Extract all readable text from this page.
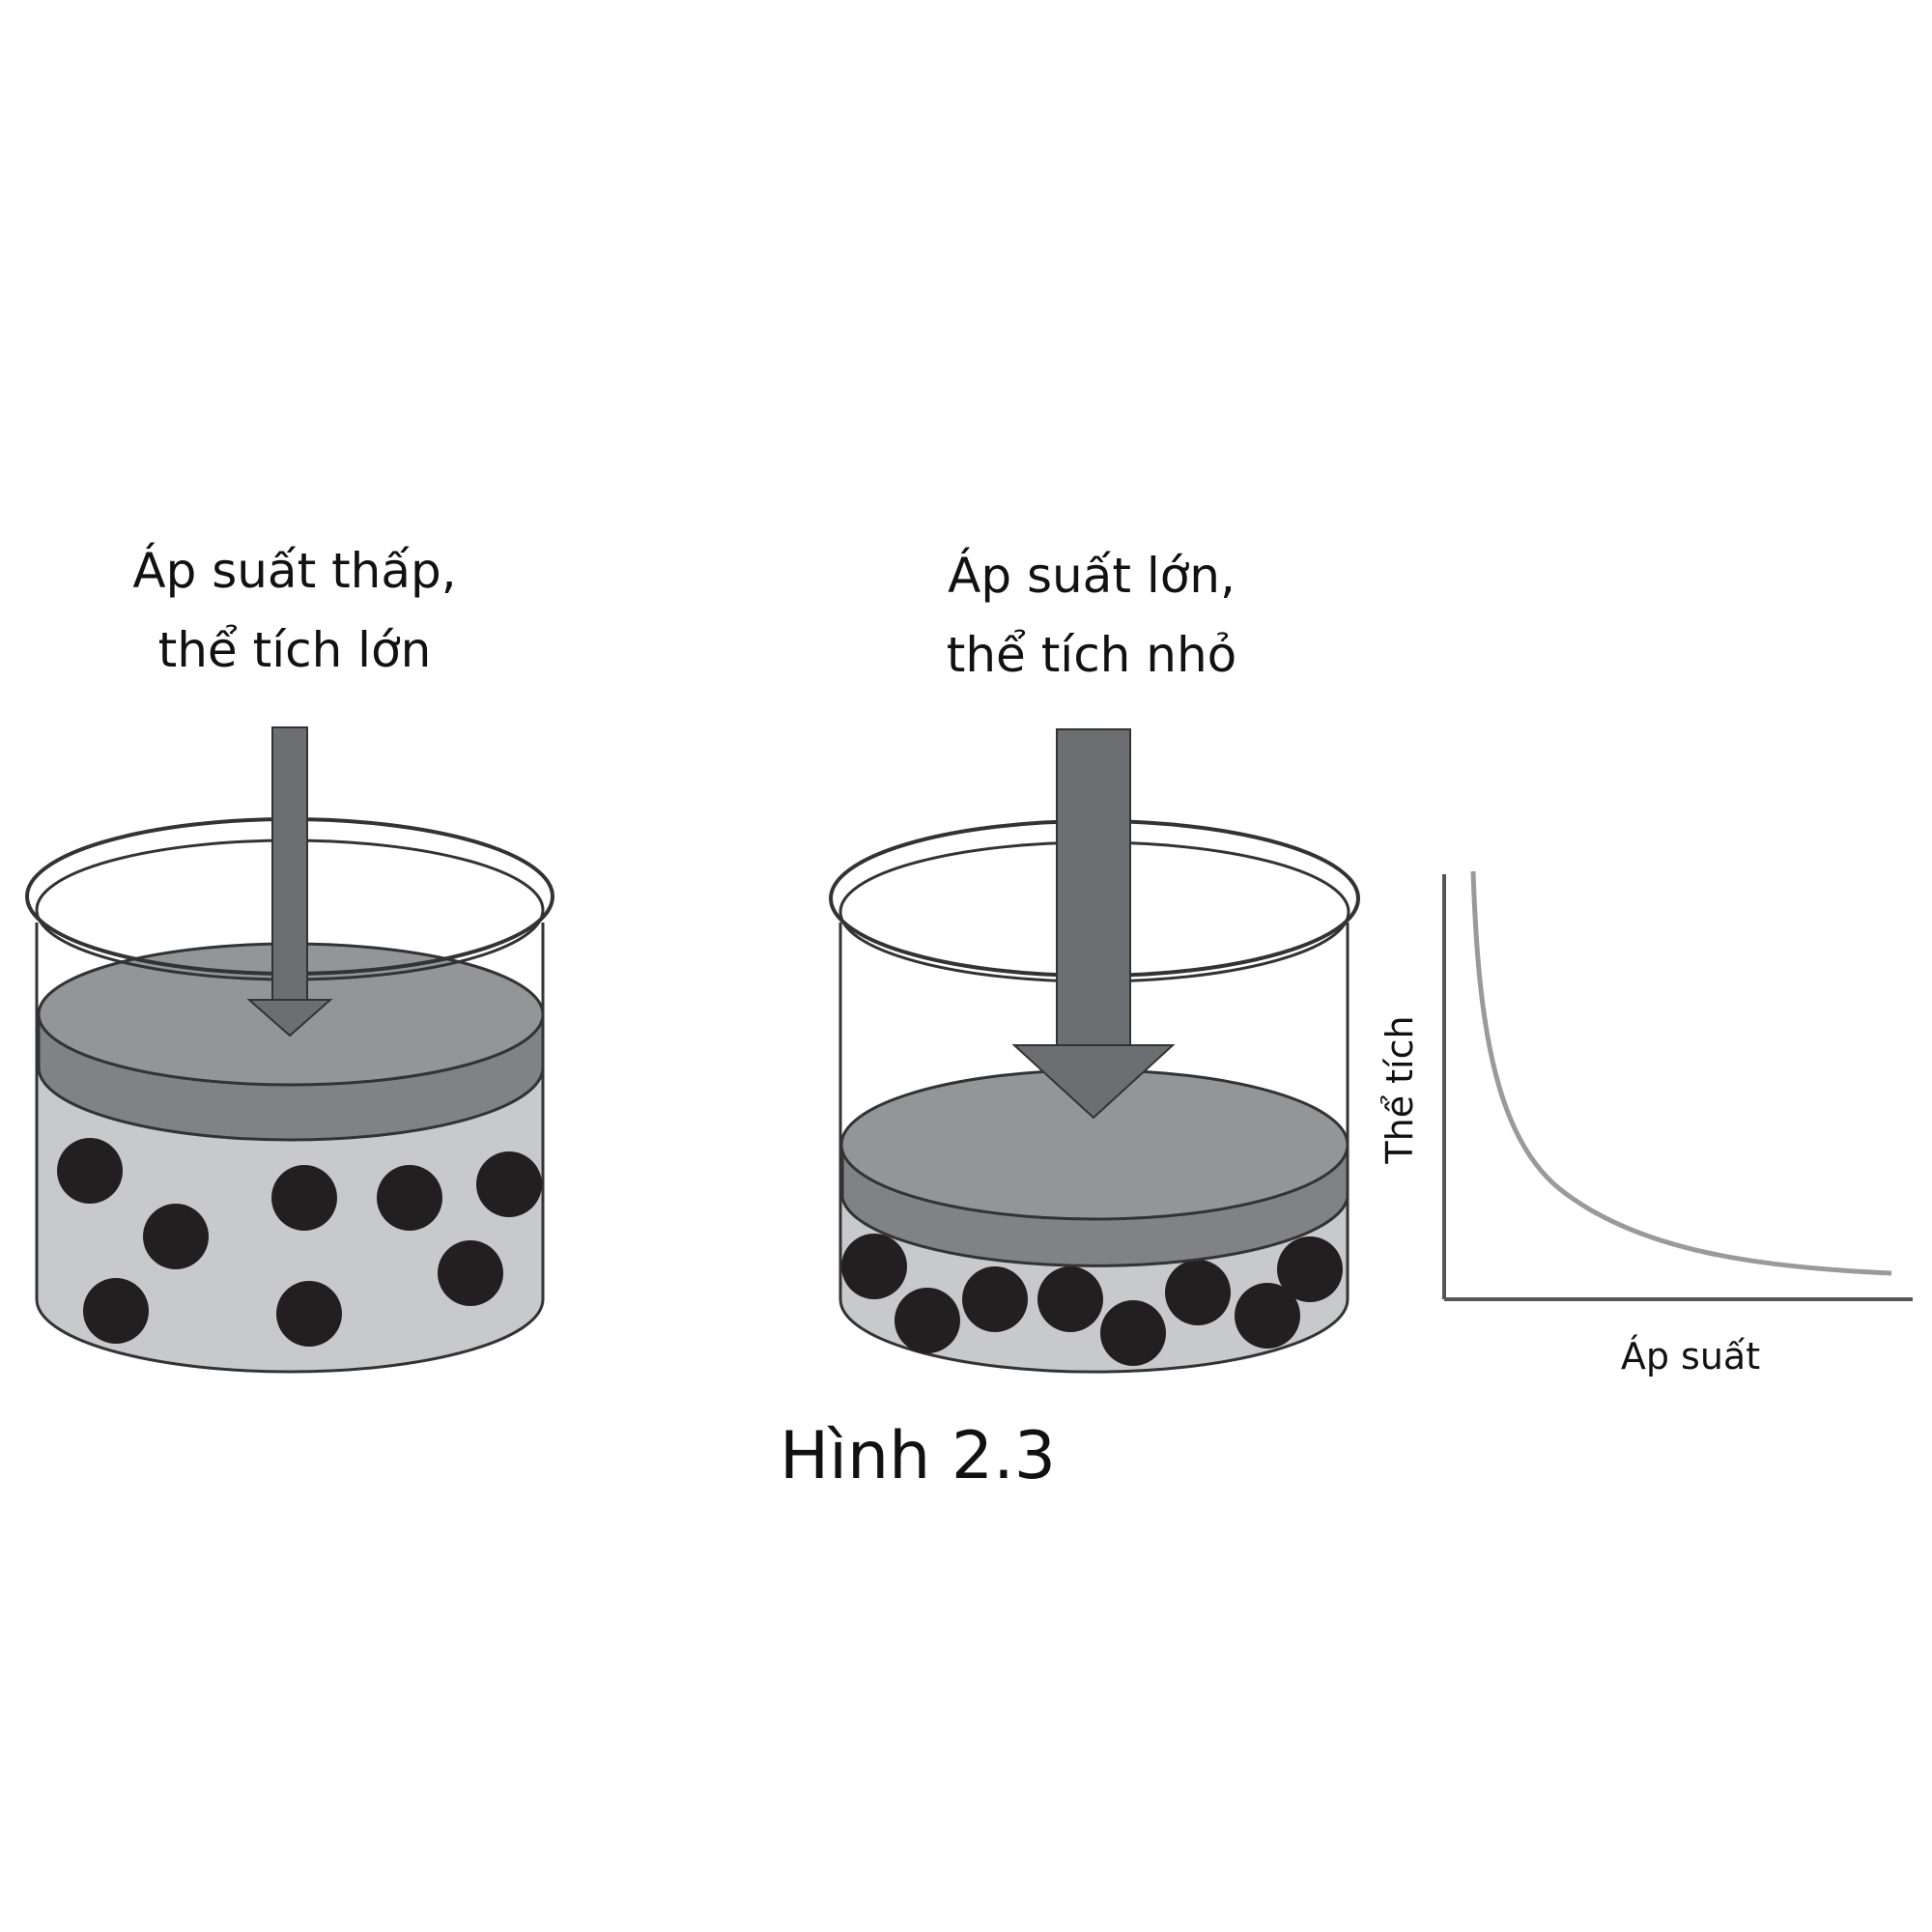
Áp suất thấp,
thể tích lớn
Áp suất lớn,
thể tích nhỏ
Thể tích
Áp suất
Hình 2.3
